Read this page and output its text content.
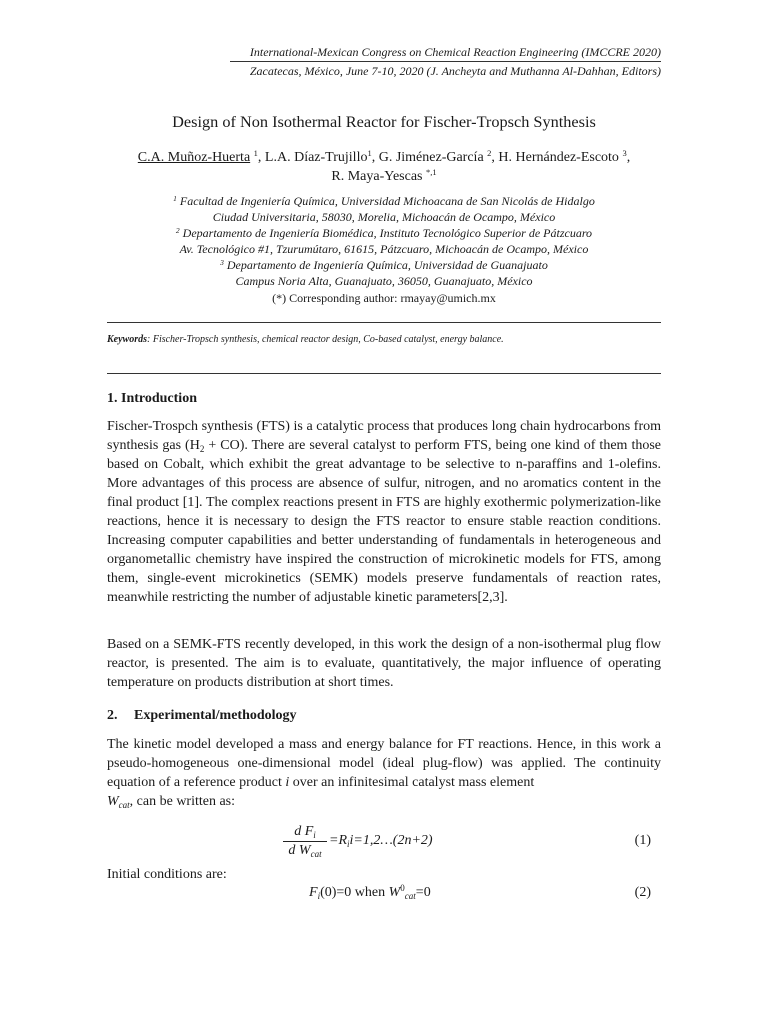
International-Mexican Congress on Chemical Reaction Engineering (IMCCRE 2020)
Zacatecas, México, June 7-10, 2020 (J. Ancheyta and Muthanna Al-Dahhan, Editors)
Design of Non Isothermal Reactor for Fischer-Tropsch Synthesis
C.A. Muñoz-Huerta $^1$, L.A. Díaz-Trujillo$^1$, G. Jiménez-García $^2$, H. Hernández-Escoto $^3$,
R. Maya-Yescas $^{*,1}$
$^1$ Facultad de Ingeniería Química, Universidad Michoacana de San Nicolás de Hidalgo
Ciudad Universitaria, 58030, Morelia, Michoacán de Ocampo, México
$^2$ Departamento de Ingeniería Biomédica, Instituto Tecnológico Superior de Pátzcuaro
Av. Tecnológico #1, Tzurumútaro, 61615, Pátzcuaro, Michoacán de Ocampo, México
$^3$ Departamento de Ingeniería Química, Universidad de Guanajuato
Campus Noria Alta, Guanajuato, 36050, Guanajuato, México
(*) Corresponding author: rmayay@umich.mx
Keywords: Fischer-Tropsch synthesis, chemical reactor design, Co-based catalyst, energy balance.
1. Introduction

Fischer-Trospch synthesis (FTS) is a catalytic process that produces long chain hydrocarbons from synthesis gas $(H_2 + CO)$. There are several catalyst to perform FTS, being one kind of them those based on Cobalt, which exhibit the great advantage to be selective to n-paraffins and 1-olefins. More advantages of this process are absence of sulfur, nitrogen, and no aromatics content in the final product [1]. The complex reactions present in FTS are highly exothermic polymerization-like reactions, hence it is necessary to design the FTS reactor to ensure stable reaction conditions. Increasing computer capabilities and better understanding of fundamentals in heterogeneous and organometallic chemistry have inspired the construction of microkinetic models for FTS, among them, single-event microkinetics (SEMK) models preserve fundamentals of reaction rates, meanwhile restricting the number of adjustable kinetic parameters[2,3].

Based on a SEMK-FTS recently developed, in this work the design of a non-isothermal plug flow reactor, is presented. The aim is to evaluate, quantitatively, the major influence of operating temperature on products distribution at short times.

2. Experimental/methodology

The kinetic model developed a mass and energy balance for FT reactions. Hence, in this work a pseudo-homogeneous one-dimensional model (ideal plug-flow) was applied. The continuity equation of a reference product i over an infinitesimal catalyst mass element
$W_{cat}$, can be written as:

d $F_i$
d $W_{cat}$
$=R_ii=1,2\dots(2n+2)$	(1)
Initial conditions are:
$F_i(0)=0$ when $W^0_{cat}=0$	(2)
